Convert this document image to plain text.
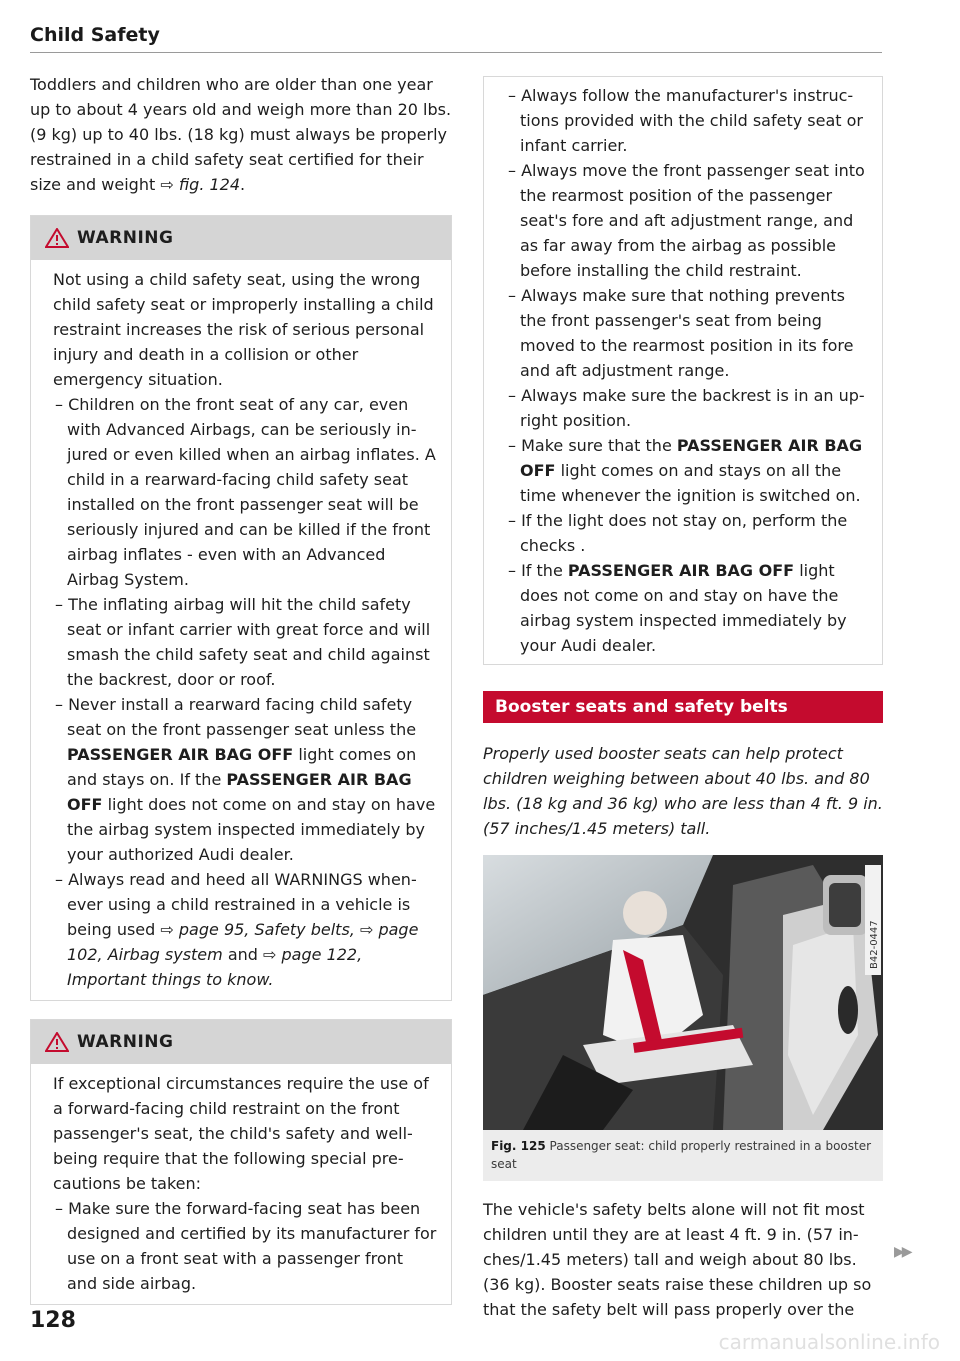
Child Safety

Toddlers and children who are older than one year up to about 4 years old and weigh more than 20 lbs. (9 kg) up to 40 lbs. (18 kg) must always be properly restrained in a child safety seat certified for their size and weight ⇨ fig. 124.

WARNING
Not using a child safety seat, using the wrong child safety seat or improperly installing a child restraint increases the risk of serious personal injury and death in a collision or other emergency situation.
– Children on the front seat of any car, even with Advanced Airbags, can be seriously injured or even killed when an airbag inflates. A child in a rearward-facing child safety seat installed on the front passenger seat will be seriously injured and can be killed if the front airbag inflates - even with an Advanced Airbag System.
– The inflating airbag will hit the child safety seat or infant carrier with great force and will smash the child safety seat and child against the backrest, door or roof.
– Never install a rearward facing child safety seat on the front passenger seat unless the PASSENGER AIR BAG OFF light comes on and stays on. If the PASSENGER AIR BAG OFF light does not come on and stay on have the airbag system inspected immediately by your authorized Audi dealer.
– Always read and heed all WARNINGS whenever using a child restrained in a vehicle is being used ⇨ page 95, Safety belts, ⇨ page 102, Airbag system and ⇨ page 122, Important things to know.
WARNING
If exceptional circumstances require the use of a forward-facing child restraint on the front passenger's seat, the child's safety and wellbeing require that the following special precautions be taken:
– Make sure the forward-facing seat has been designed and certified by its manufacturer for use on a front seat with a passenger front and side airbag.
– Always follow the manufacturer's instructions provided with the child safety seat or infant carrier.
– Always move the front passenger seat into the rearmost position of the passenger seat's fore and aft adjustment range, and as far away from the airbag as possible before installing the child restraint.
– Always make sure that nothing prevents the front passenger's seat from being moved to the rearmost position in its fore and aft adjustment range.
– Always make sure the backrest is in an upright position.
– Make sure that the PASSENGER AIR BAG OFF light comes on and stays on all the time whenever the ignition is switched on.
– If the light does not stay on, perform the checks .
– If the PASSENGER AIR BAG OFF light does not come on and stay on have the airbag system inspected immediately by your Audi dealer.
Booster seats and safety belts

Properly used booster seats can help protect children weighing between about 40 lbs. and 80 lbs. (18 kg and 36 kg) who are less than 4 ft. 9 in. (57 inches/1.45 meters) tall.

B42-0447
Fig. 125 Passenger seat: child properly restrained in a booster seat

The vehicle's safety belts alone will not fit most children until they are at least 4 ft. 9 in. (57 inches/1.45 meters) tall and weigh about 80 lbs. (36 kg). Booster seats raise these children up so that the safety belt will pass properly over the

▶▶
128
carmanualsonline.info
